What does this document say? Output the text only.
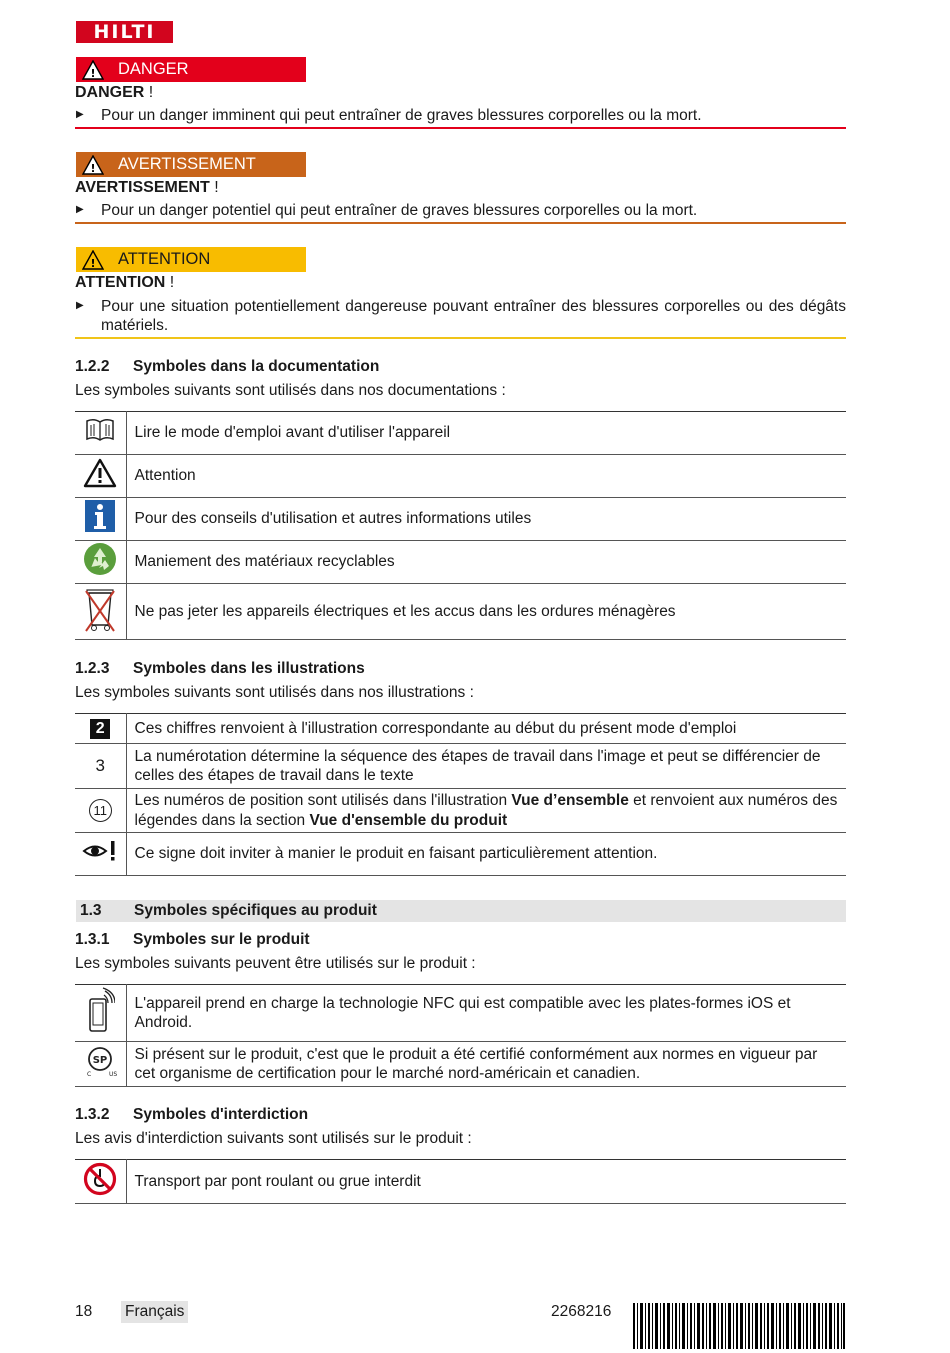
HILTI
! DANGER
DANGER !
▶ Pour un danger imminent qui peut entraîner de graves blessures corporelles ou la mort.
! AVERTISSEMENT
AVERTISSEMENT !
▶ Pour un danger potentiel qui peut entraîner de graves blessures corporelles ou la mort.
! ATTENTION
ATTENTION !
▶ Pour une situation potentiellement dangereuse pouvant entraîner des blessures corporelles ou des dégâts matériels.
1.2.2 Symboles dans la documentation
Les symboles suivants sont utilisés dans nos documentations :
	Lire le mode d'emploi avant d'utiliser l'appareil
	Attention
	Pour des conseils d'utilisation et autres informations utiles
	Maniement des matériaux recyclables
	Ne pas jeter les appareils électriques et les accus dans les ordures ménagères
1.2.3 Symboles dans les illustrations
Les symboles suivants sont utilisés dans nos illustrations :
2	Ces chiffres renvoient à l'illustration correspondante au début du présent mode d'emploi
3	La numérotation détermine la séquence des étapes de travail dans l'image et peut se différencier de celles des étapes de travail dans le texte
11	Les numéros de position sont utilisés dans l'illustration Vue d’ensemble et renvoient aux numéros des légendes dans la section Vue d'ensemble du produit
	Ce signe doit inviter à manier le produit en faisant particulièrement attention.
1.3 Symboles spécifiques au produit
1.3.1 Symboles sur le produit
Les symboles suivants peuvent être utilisés sur le produit :
	L'appareil prend en charge la technologie NFC qui est compatible avec les plates-formes iOS et Android.

SP
C US	Si présent sur le produit, c'est que le produit a été certifié conformément aux normes en vigueur par cet organisme de certification pour le marché nord-américain et canadien.
1.3.2 Symboles d'interdiction
Les avis d'interdiction suivants sont utilisés sur le produit :
	Transport par pont roulant ou grue interdit
18 Français	2268216
